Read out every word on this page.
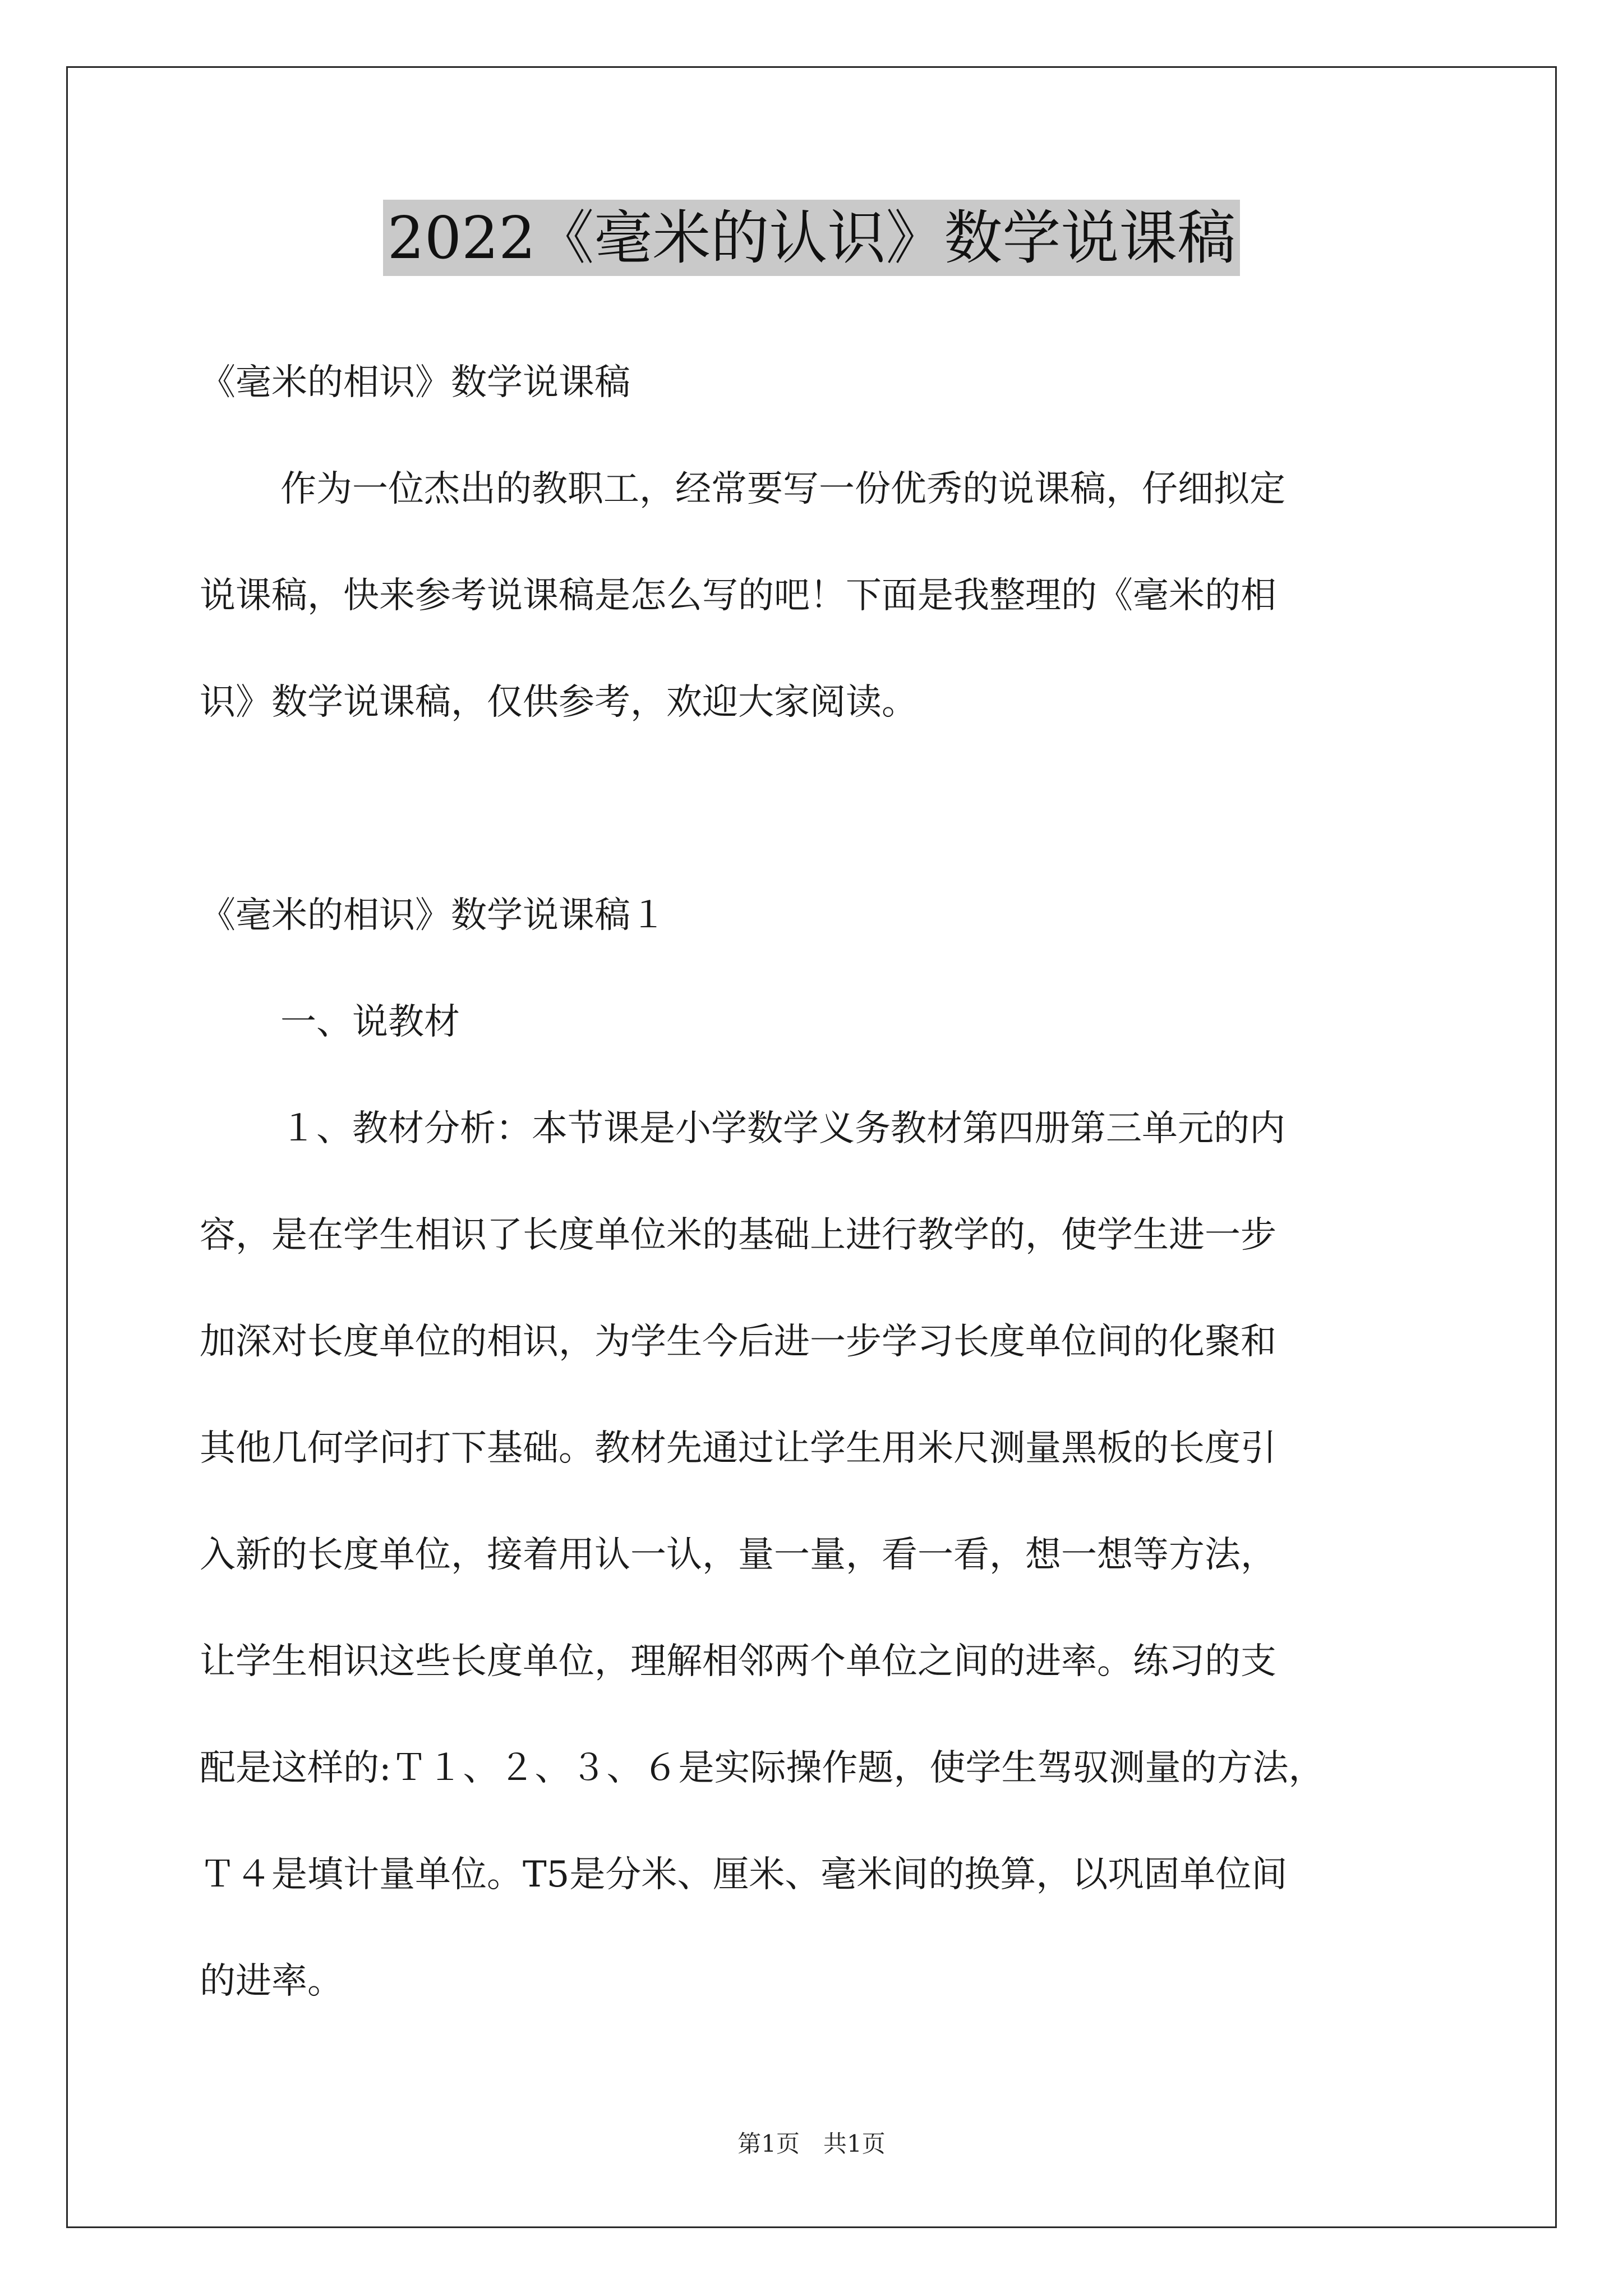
2022《毫米的认识》数学说课稿
《毫米的相识》数学说课稿
作为一位杰出的教职工，经常要写一份优秀的说课稿，仔细拟定
说课稿，快来参考说课稿是怎么写的吧！下面是我整理的《毫米的相
识》数学说课稿，仅供参考，欢迎大家阅读。
《毫米的相识》数学说课稿１
一、说教材
１、教材分析：本节课是小学数学义务教材第四册第三单元的内
容，是在学生相识了长度单位米的基础上进行教学的，使学生进一步
加深对长度单位的相识，为学生今后进一步学习长度单位间的化聚和
其他几何学问打下基础。教材先通过让学生用米尺测量黑板的长度引
入新的长度单位，接着用认一认，量一量，看一看，想一想等方法，
让学生相识这些长度单位，理解相邻两个单位之间的进率。练习的支
配是这样的:Ｔ１、２、３、６是实际操作题，使学生驾驭测量的方法，
Ｔ４是填计量单位。T5是分米、厘米、毫米间的换算，以巩固单位间
的进率。
第1页　共1页
